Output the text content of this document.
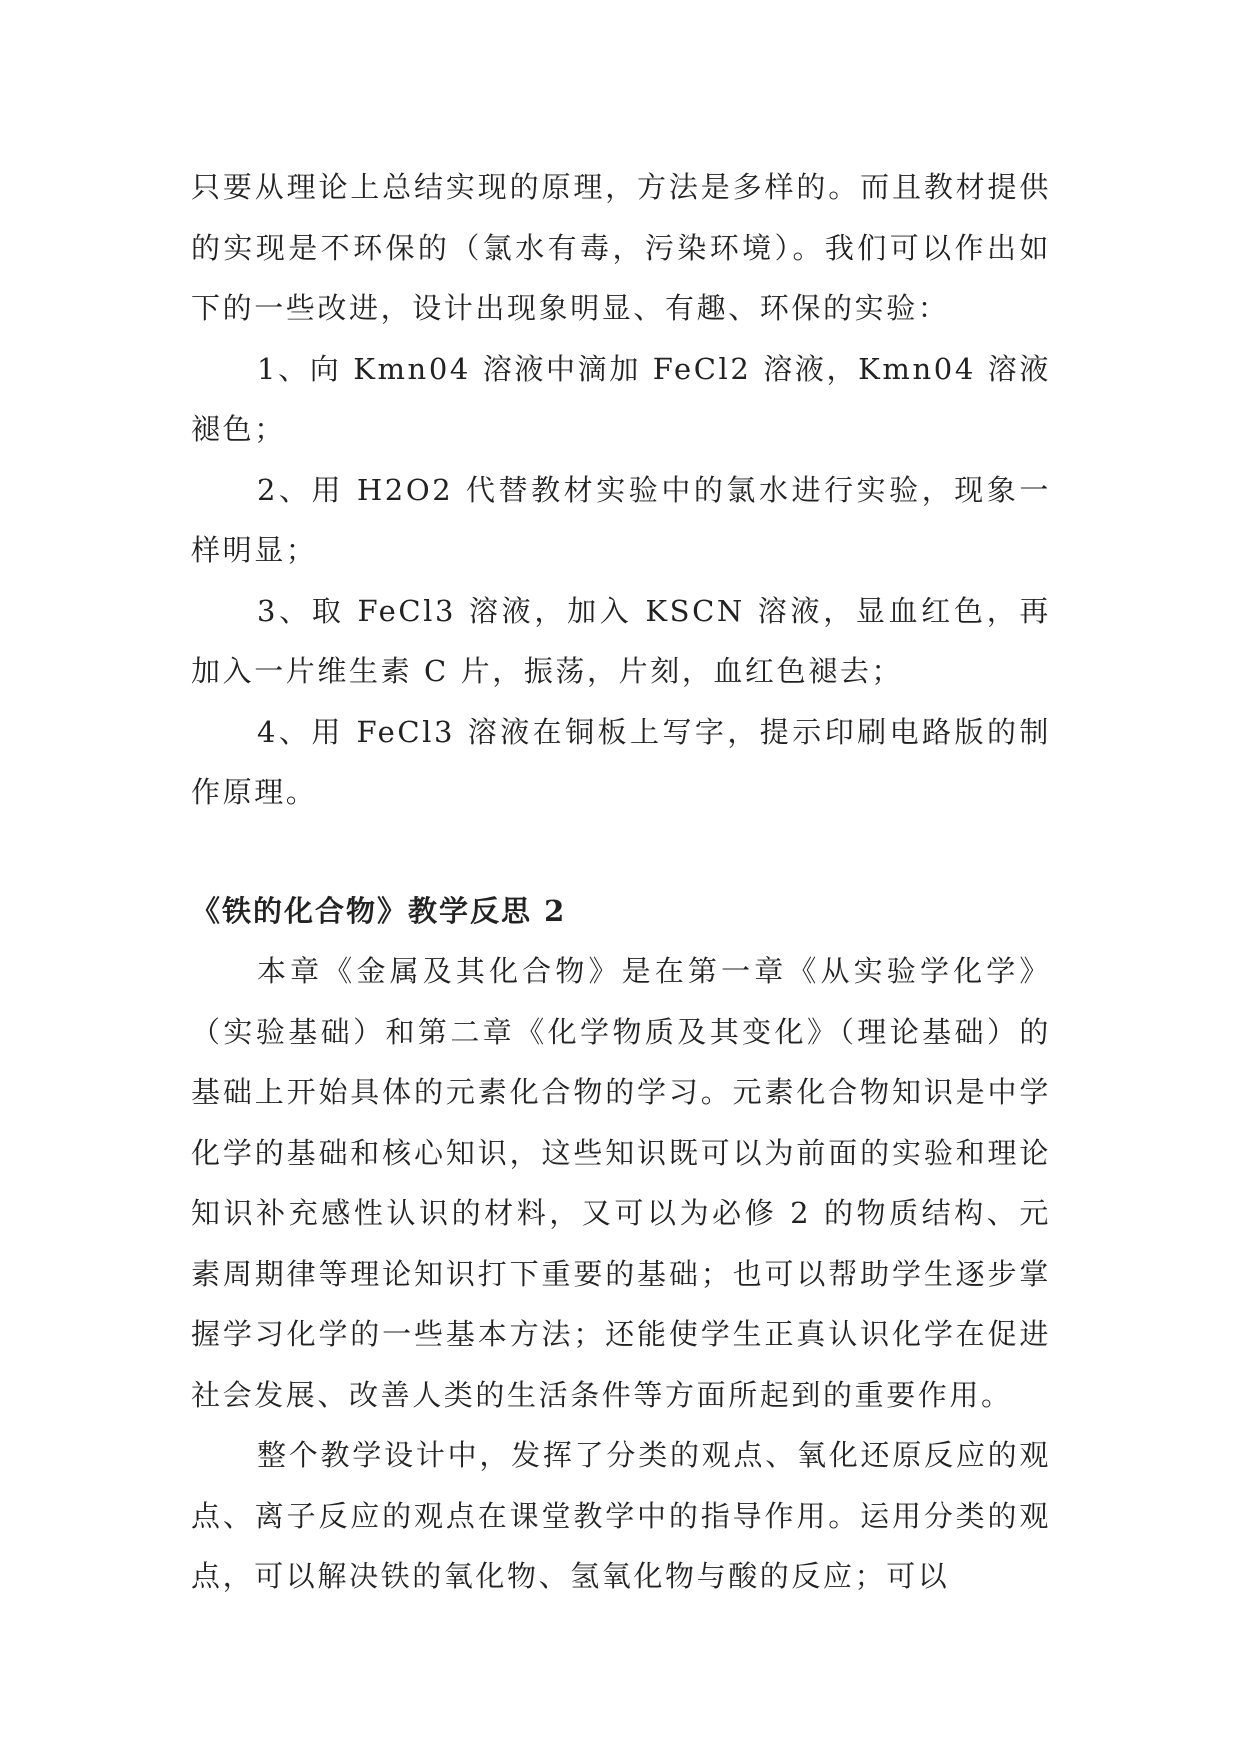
只要从理论上总结实现的原理，方法是多样的。而且教材提供的实现是不环保的（氯水有毒，污染环境）。我们可以作出如下的一些改进，设计出现象明显、有趣、环保的实验：

1、向 Kmn04 溶液中滴加 FeCl2 溶液，Kmn04 溶液褪色；

2、用 H2O2 代替教材实验中的氯水进行实验，现象一样明显；

3、取 FeCl3 溶液，加入 KSCN 溶液，显血红色，再加入一片维生素 C 片，振荡，片刻，血红色褪去；

4、用 FeCl3 溶液在铜板上写字，提示印刷电路版的制作原理。

《铁的化合物》教学反思 2

本章《金属及其化合物》是在第一章《从实验学化学》（实验基础）和第二章《化学物质及其变化》（理论基础）的基础上开始具体的元素化合物的学习。元素化合物知识是中学化学的基础和核心知识，这些知识既可以为前面的实验和理论知识补充感性认识的材料，又可以为必修 2 的物质结构、元素周期律等理论知识打下重要的基础；也可以帮助学生逐步掌握学习化学的一些基本方法；还能使学生正真认识化学在促进社会发展、改善人类的生活条件等方面所起到的重要作用。

整个教学设计中，发挥了分类的观点、氧化还原反应的观点、离子反应的观点在课堂教学中的指导作用。运用分类的观点，可以解决铁的氧化物、氢氧化物与酸的反应；可以
